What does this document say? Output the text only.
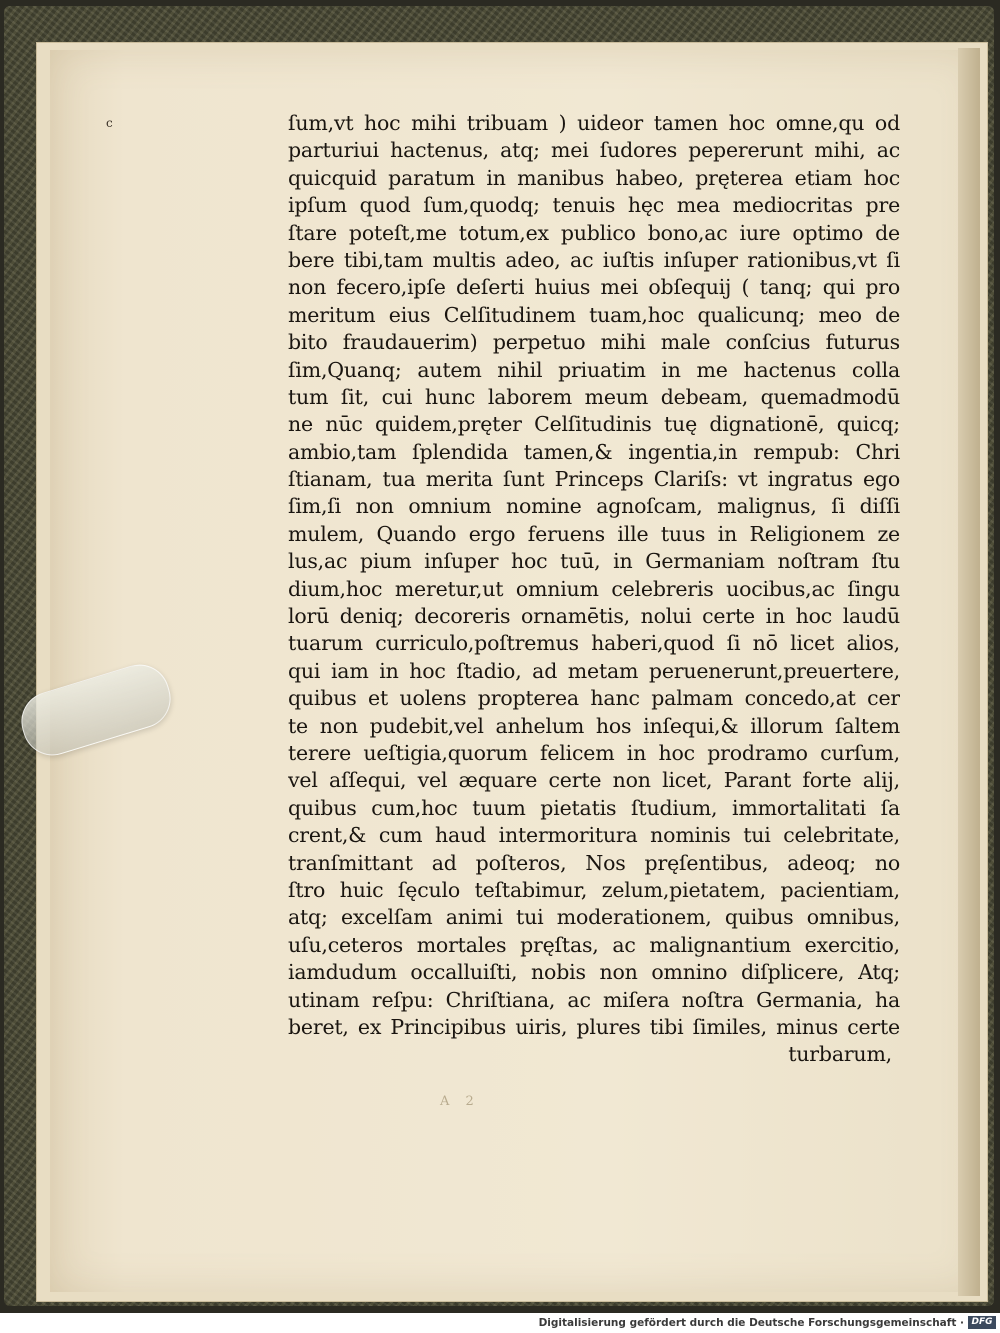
c	ſum,vt hoc mihi tribuam ) uideor tamen hoc omne,qu od
parturiui hactenus, atq; mei ſudores pepererunt mihi, ac
quicquid paratum in manibus habeo, pręterea etiam hoc
ipſum quod ſum,quodq; tenuis hęc mea mediocritas pre
ſtare poteſt,me totum,ex publico bono,ac iure optimo de
bere tibi,tam multis adeo, ac iuſtis inſuper rationibus,vt ſi
non fecero,ipſe deſerti huius mei obſequij ( tanq; qui pro
meritum eius Celſitudinem tuam,hoc qualicunq; meo de
bito fraudauerim) perpetuo mihi male conſcius futurus
ſim,Quanq; autem nihil priuatim in me hactenus colla
tum ſit, cui hunc laborem meum debeam, quemadmodū
ne nūc quidem,pręter Celſitudinis tuę dignationē, quicq;
ambio,tam ſplendida tamen,& ingentia,in rempub: Chri
ſtianam, tua merita ſunt Princeps Clariſs: vt ingratus ego
ſim,ſi non omnium nomine agnoſcam, malignus, ſi diſſi
mulem, Quando ergo feruens ille tuus in Religionem ze
lus,ac pium inſuper hoc tuū, in Germaniam noſtram ſtu
dium,hoc meretur,ut omnium celebreris uocibus,ac ſingu
lorū deniq; decoreris ornamētis, nolui certe in hoc laudū
tuarum curriculo,poſtremus haberi,quod ſi nō licet alios,
qui iam in hoc ſtadio, ad metam peruenerunt,preuertere,
quibus et uolens propterea hanc palmam concedo,at cer
te non pudebit,vel anhelum hos inſequi,& illorum ſaltem
terere ueſtigia,quorum felicem in hoc prodramo curſum,
vel aſſequi, vel æquare certe non licet, Parant forte alij,
quibus cum,hoc tuum pietatis ſtudium, immortalitati ſa
crent,& cum haud intermoritura nominis tui celebritate,
tranſmittant ad poſteros, Nos pręſentibus, adeoq; no
ſtro huic ſęculo teſtabimur, zelum,pietatem, pacientiam,
atq; excelſam animi tui moderationem, quibus omnibus,
uſu,ceteros mortales pręſtas, ac malignantium exercitio,
iamdudum occalluiſti, nobis non omnino diſplicere, Atq;
utinam reſpu: Chriſtiana, ac miſera noſtra Germania, ha
beret, ex Principibus uiris, plures tibi ſimiles, minus certe
turbarum,
A 2
Digitalisierung gefördert durch die Deutsche Forschungsgemeinschaft · DFG
